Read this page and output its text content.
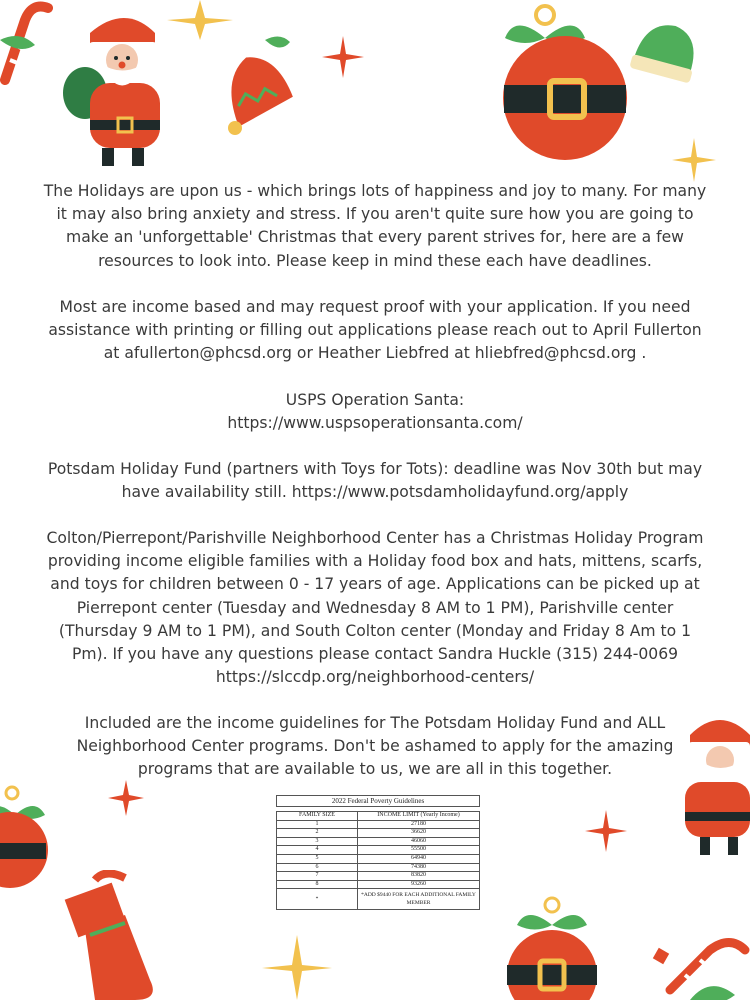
The Holidays are upon us - which brings lots of happiness and joy to many. For many it may also bring anxiety and stress. If you aren't quite sure how you are going to make an 'unforgettable' Christmas that every parent strives for, here are a few resources to look into. Please keep in mind these each have deadlines.
Most are income based and may request proof with your application. If you need assistance with printing or filling out applications please reach out to April Fullerton at afullerton@phcsd.org or Heather Liebfred at hliebfred@phcsd.org .

USPS Operation Santa:

https://www.uspsoperationsanta.com/

Potsdam Holiday Fund (partners with Toys for Tots): deadline was Nov 30th but may have availability still. https://www.potsdamholidayfund.org/apply
Colton/Pierrepont/Parishville Neighborhood Center has a Christmas Holiday Program providing income eligible families with a Holiday food box and hats, mittens, scarfs, and toys for children between 0 - 17 years of age. Applications can be picked up at Pierrepont center (Tuesday and Wednesday 8 AM to 1 PM), Parishville center (Thursday 9 AM to 1 PM), and South Colton center (Monday and Friday 8 Am to 1 Pm). If you have any questions please contact Sandra Huckle (315) 244-0069 https://slccdp.org/neighborhood-centers/
Included are the income guidelines for The Potsdam Holiday Fund and ALL Neighborhood Center programs. Don't be ashamed to apply for the amazing programs that are available to us, we are all in this together.
2022 Federal Poverty Guidelines
FAMILY SIZE	INCOME LIMIT (Yearly Income)
1	27180
2	36620
3	46060
4	55500
5	64940
6	74380
7	83820
8	93260
*	*ADD $9440 FOR EACH ADDITIONAL FAMILY MEMBER
